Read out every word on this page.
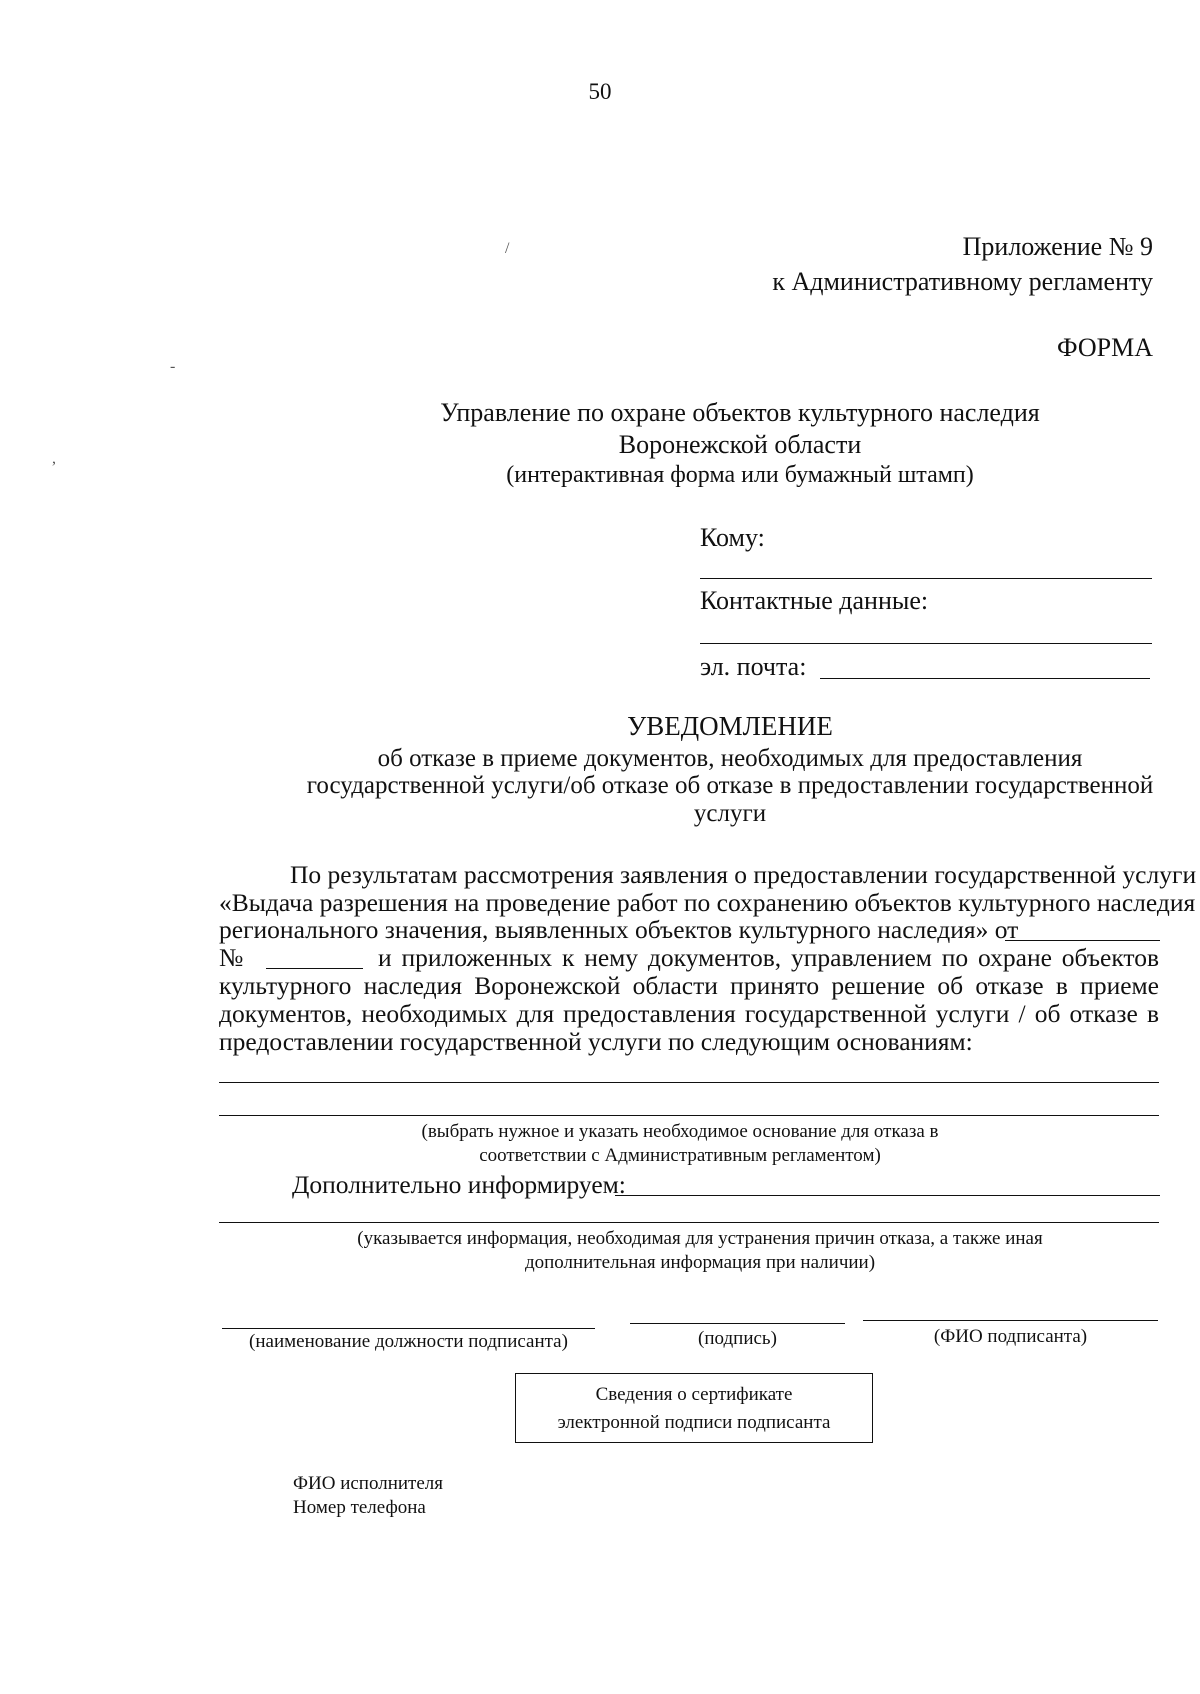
50
/
-
,
Приложение № 9
к Административному регламенту
ФОРМА
Управление по охране объектов культурного наследия
Воронежской области
(интерактивная форма или бумажный штамп)
Кому:
Контактные данные:
эл. почта:
УВЕДОМЛЕНИЕ
об отказе в приеме документов, необходимых для предоставления
государственной услуги/об отказе об отказе в предоставлении государственной
услуги
По результатам рассмотрения заявления о предоставлении государственной услуги
«Выдача разрешения на проведение работ по сохранению объектов культурного наследия
регионального значения, выявленных объектов культурного наследия» от
№	и приложенных к нему документов, управлением по охране объектов
культурного наследия Воронежской области принято решение об отказе в приеме
документов, необходимых для предоставления государственной услуги / об отказе в
предоставлении государственной услуги по следующим основаниям:
(выбрать нужное и указать необходимое основание для отказа в
соответствии с Административным регламентом)
Дополнительно информируем:
(указывается информация, необходимая для устранения причин отказа, а также иная
дополнительная информация при наличии)
(наименование должности подписанта)	(подпись)	(ФИО подписанта)
Сведения о сертификате
электронной подписи подписанта
ФИО исполнителя
Номер телефона
